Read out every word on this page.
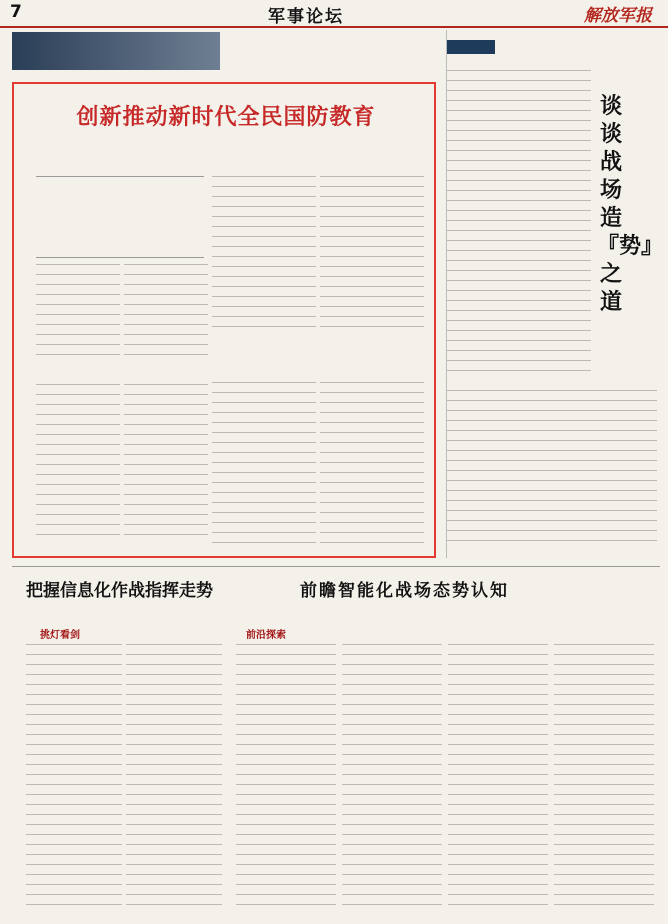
7	军事论坛	解放军报
创新推动新时代全民国防教育	谈谈战场造『势』之道
把握信息化作战指挥走势
挑灯看剑
前瞻智能化战场态势认知
前沿探索
